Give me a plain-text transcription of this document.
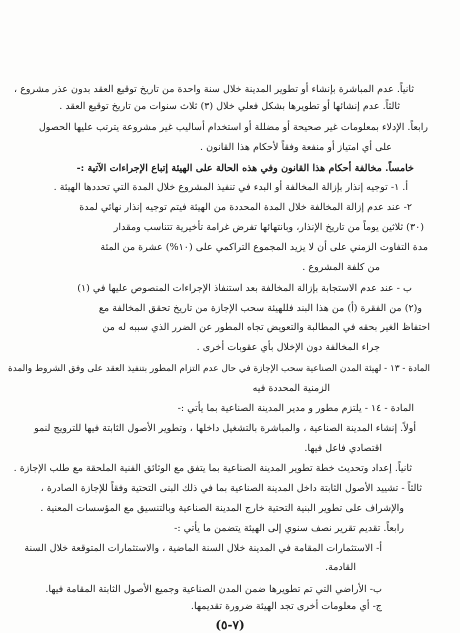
ثانياً. عدم المباشرة بإنشاء أو تطوير المدينة خلال سنة واحدة من تاريخ توقيع العقد بدون عذر مشروع ،
ثالثاً. عدم إنشائها أو تطويرها بشكل فعلي خلال (٣) ثلاث سنوات من تاريخ توقيع العقد .
رابعاً. الإدلاء بمعلومات غير صحيحة أو مضللة أو استخدام أساليب غير مشروعة يترتب عليها الحصول
على أي امتياز أو منفعة وفقاً لأحكام هذا القانون .
خامساً. مخالفة أحكام هذا القانون وفي هذه الحالة على الهيئة إتباع الإجراءات الآتية :-
أ. ١- توجيه إنذار بإزالة المخالفة أو البدء في تنفيذ المشروع خلال المدة التي تحددها الهيئة .
٢- عند عدم إزالة المخالفة خلال المدة المحددة من الهيئة فيتم توجيه إنذار نهائي لمدة
(٣٠) ثلاثين يوماً من تاريخ الإنذار، وبانتهائها تفرض غرامة تأخيرية تتناسب ومقدار
مدة التفاوت الزمني على أن لا يزيد المجموع التراكمي على (١٠%) عشرة من المئة
من كلفة المشروع .
ب - عند عدم الاستجابة بإزالة المخالفة بعد استنفاذ الإجراءات المنصوص عليها في (١)
و(٢) من الفقرة (أ) من هذا البند فللهيئة سحب الإجازة من تاريخ تحقق المخالفة مع
احتفاظ الغير بحقه في المطالبة والتعويض تجاه المطور عن الضرر الذي سببه له من
جراء المخالفة دون الإخلال بأي عقوبات أخرى .
المادة - ١٣ - لهيئة المدن الصناعية سحب الإجازة في حال عدم التزام المطور بتنفيذ العقد على وفق الشروط والمدة
الزمنية المحددة فيه
المادة - ١٤ - يلتزم مطور و مدير المدينة الصناعية بما يأتي :-
أولاً. إنشاء المدينة الصناعية ، والمباشرة بالتشغيل داخلها ، وتطوير الأصول الثابتة فيها للترويج لنمو
اقتصادي فاعل فيها.
ثانياً. إعداد وتحديث خطة تطوير المدينة الصناعية بما يتفق مع الوثائق الفنية الملحقة مع طلب الإجازة .
ثالثاً - تشييد الأصول الثابتة داخل المدينة الصناعية بما في ذلك البنى التحتية وفقاً للإجازة الصادرة ،
والإشراف على تطوير البنية التحتية خارج المدينة الصناعية وبالتنسيق مع المؤسسات المعنية .
رابعاً. تقديم تقرير نصف سنوي إلى الهيئة يتضمن ما يأتي :-
أ- الاستثمارات المقامة في المدينة خلال السنة الماضية ، والاستثمارات المتوقعة خلال السنة
القادمة.
ب- الأراضي التي تم تطويرها ضمن المدن الصناعية وجميع الأصول الثابتة المقامة فيها.
ج- أي معلومات أخرى تجد الهيئة ضرورة تقديمها.
(٧-٥)
